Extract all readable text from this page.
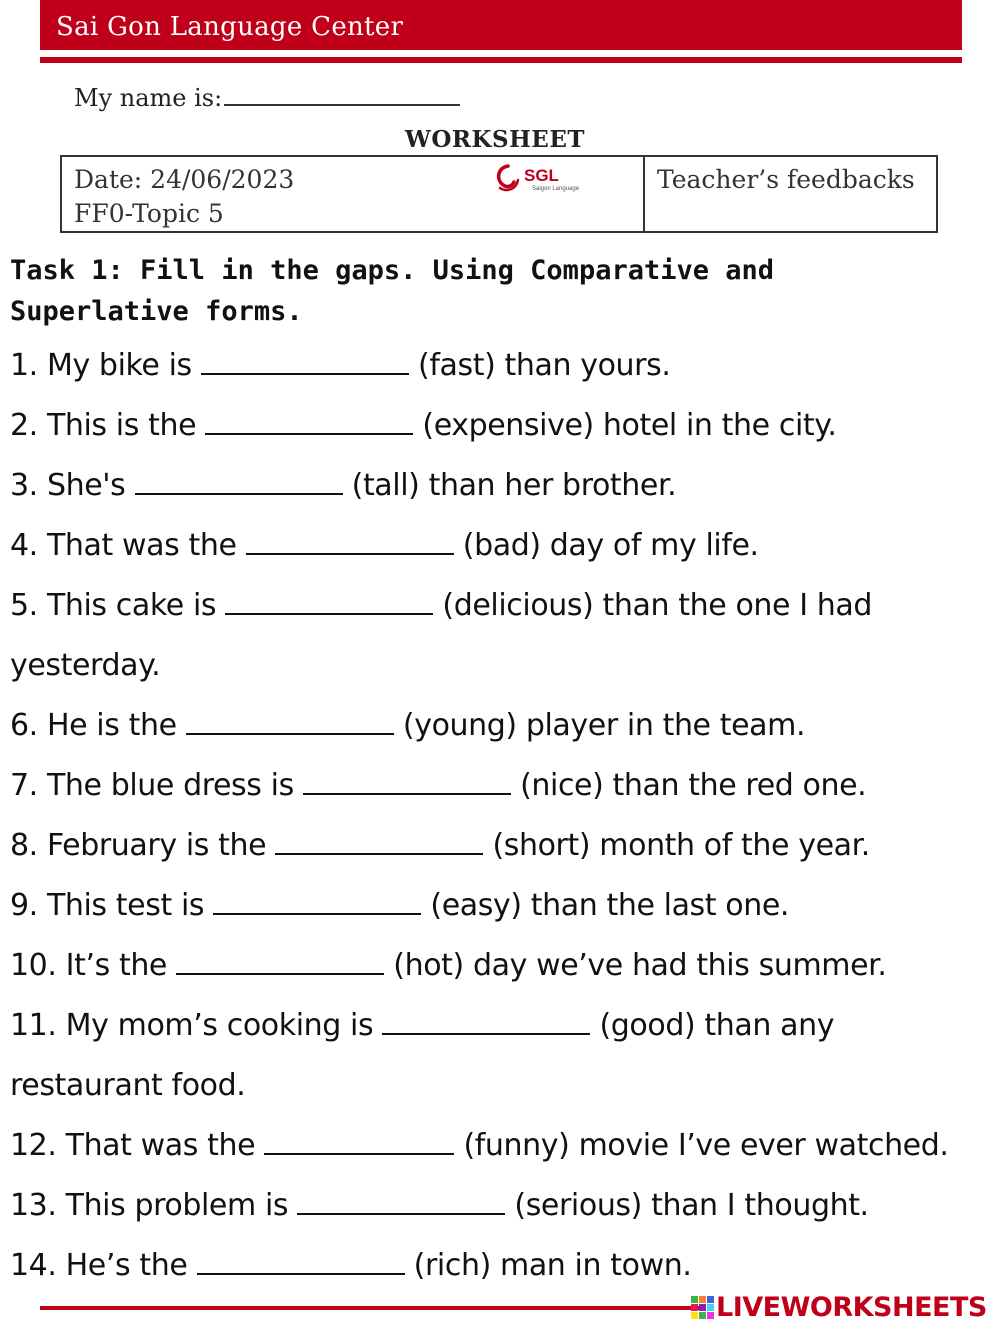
Sai Gon Language Center
My name is:
WORKSHEET
Date: 24/06/2023
FF0-Topic 5
SGL
Saigon Language	Teacher’s feedbacks
Task 1: Fill in the gaps. Using Comparative and
Superlative forms.
1. My bike is	(fast) than yours.
2. This is the	(expensive) hotel in the city.
3. She's	(tall) than her brother.
4. That was the	(bad) day of my life.
5. This cake is	(delicious) than the one I had
yesterday.
6. He is the	(young) player in the team.
7. The blue dress is	(nice) than the red one.
8. February is the	(short) month of the year.
9. This test is	(easy) than the last one.
10. It’s the	(hot) day we’ve had this summer.
11. My mom’s cooking is	(good) than any
restaurant food.
12. That was the	(funny) movie I’ve ever watched.
13. This problem is	(serious) than I thought.
14. He’s the	(rich) man in town.
LIVEWORKSHEETS
